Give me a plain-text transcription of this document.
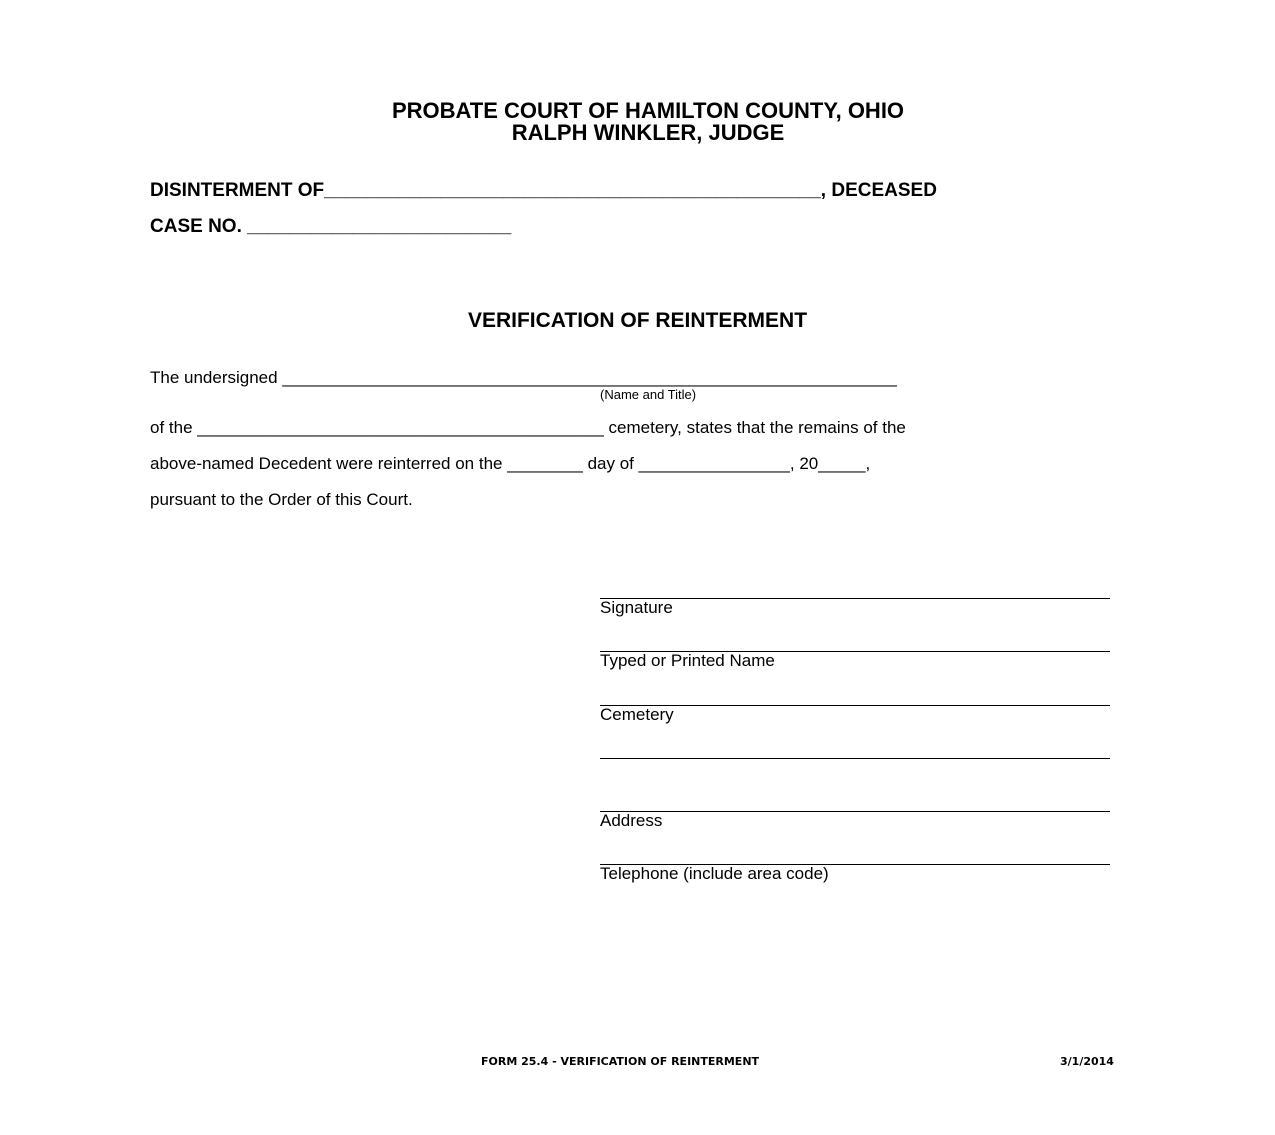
PROBATE COURT OF HAMILTON COUNTY, OHIO
RALPH WINKLER, JUDGE
DISINTERMENT OF_______________________________________________, DECEASED
CASE NO. _________________________
VERIFICATION OF REINTERMENT
The undersigned _________________________________________________________________
(Name and Title)
of the ___________________________________________ cemetery, states that the remains of the
above-named Decedent were reinterred on the ________ day of ________________, 20_____,
pursuant to the Order of this Court.
Signature
Typed or Printed Name
Cemetery
Address
Telephone (include area code)
FORM 25.4 - VERIFICATION OF REINTERMENT	3/1/2014
